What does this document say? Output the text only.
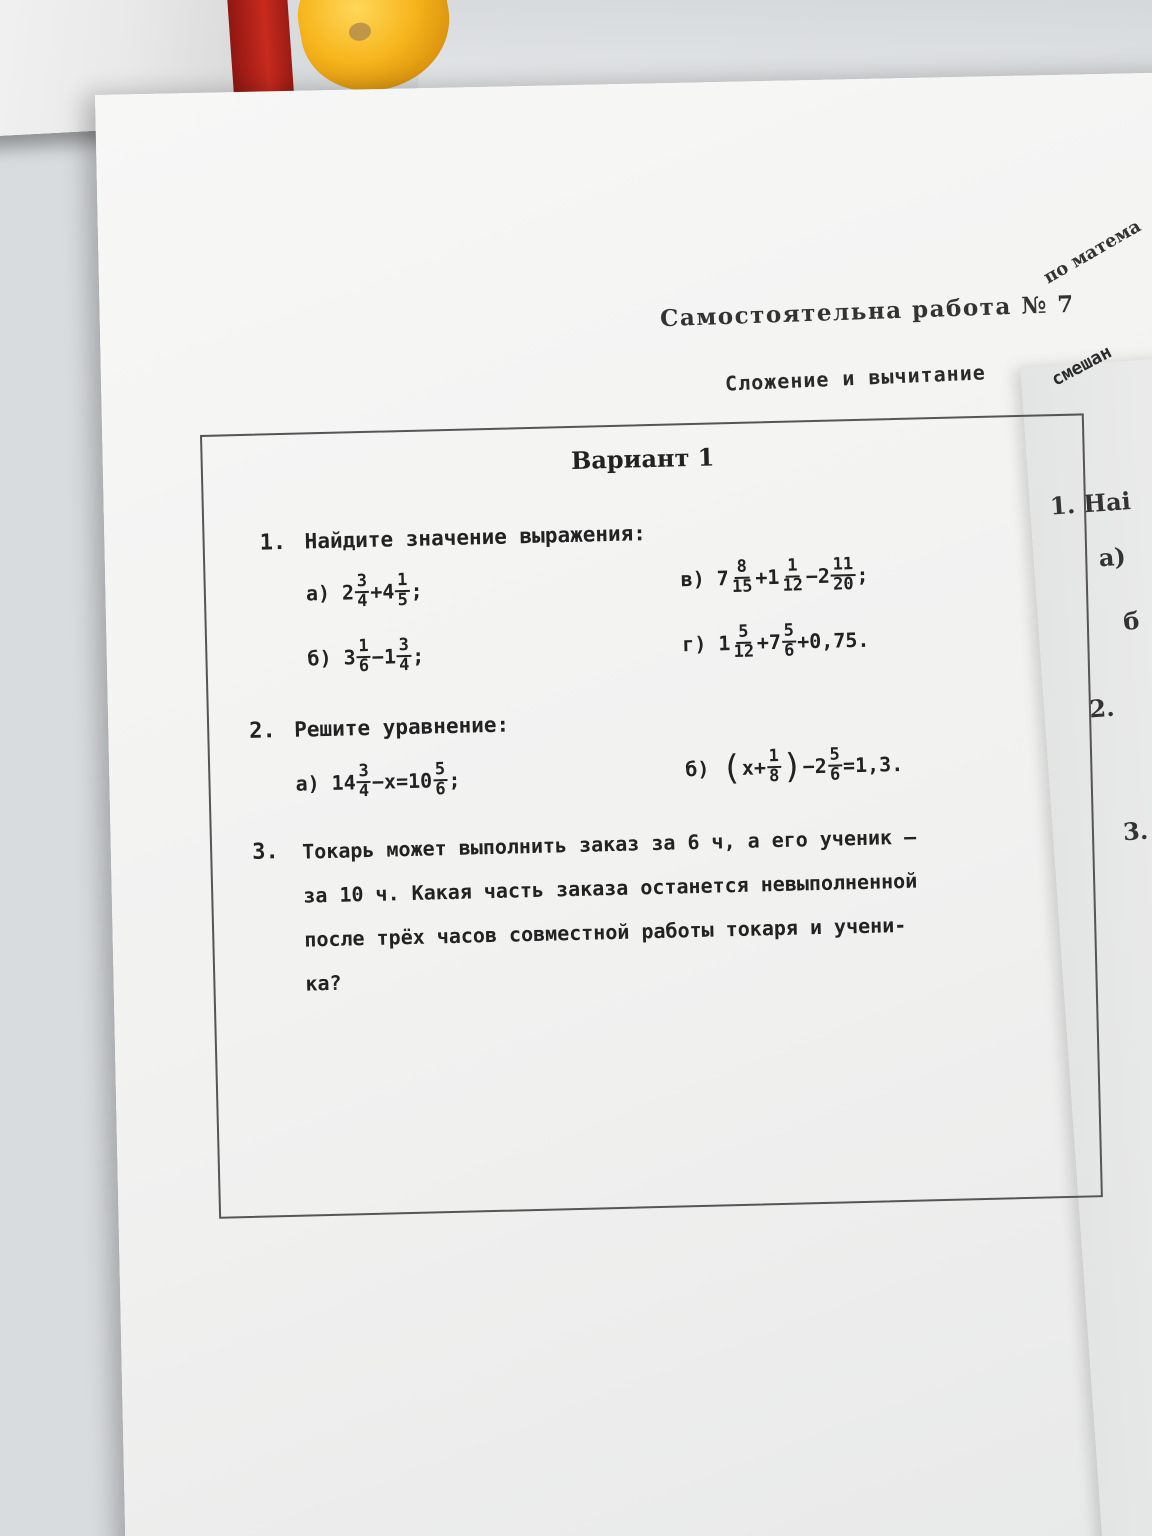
1. Наі
а)
б
2.
3.
Самостоятельна работа № 7
по матема
Сложение и вычитание	смешан
Вариант 1
1. Найдите значение выражения:
а) $2 \frac{3}{4} + 4 \frac{1}{5}$ ;
б) $3 \frac{1}{6} - 1 \frac{3}{4}$ ;
в) $7 \frac{8}{15} + 1 \frac{1}{12} - 2 \frac{11}{20}$ ;
г) $1 \frac{5}{12} + 7 \frac{5}{6} +0,75$.
2. Решите уравнение:
а) $14 \frac{3}{4} -x=10 \frac{5}{6}$ ;	б) ( $x+ \frac{1}{8}$ ) $-2 \frac{5}{6} =1,3$.
3. Токарь может выполнить заказ за 6 ч, а его ученик —
за 10 ч. Какая часть заказа останется невыполненной
после трёх часов совместной работы токаря и учени-
ка?
